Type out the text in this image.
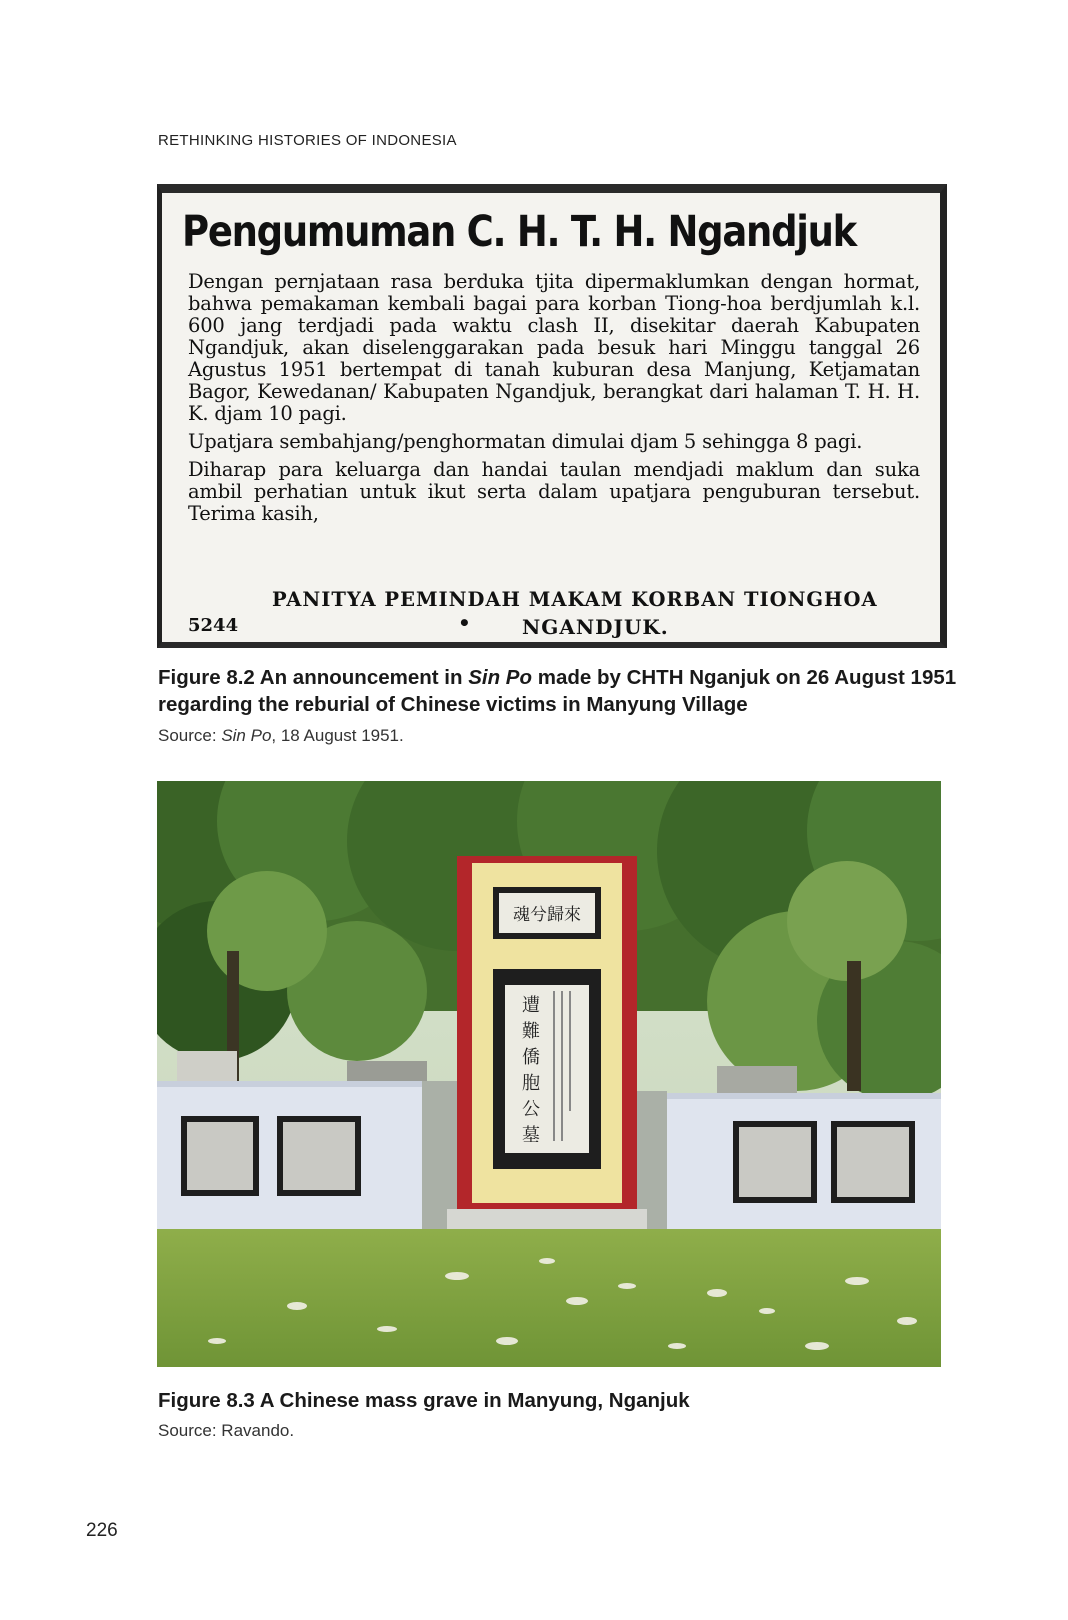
RETHINKING HISTORIES OF INDONESIA
Pengumuman C. H. T. H. Ngandjuk

Dengan pernjataan rasa berduka tjita dipermaklumkan dengan hormat, bahwa pemakaman kembali bagai para korban Tiong-hoa berdjumlah k.l. 600 jang terdjadi pada waktu clash II, disekitar daerah Kabupaten Ngandjuk, akan diselenggarakan pada besuk hari Minggu tanggal 26 Agustus 1951 bertempat di tanah kuburan desa Manjung, Ketjamatan Bagor, Kewedanan/ Kabupaten Ngandjuk, berangkat dari halaman T. H. H. K. djam 10 pagi.

Upatjara sembahjang/penghormatan dimulai djam 5 sehingga 8 pagi.

Diharap para keluarga dan handai taulan mendjadi maklum dan suka ambil perhatian untuk ikut serta dalam upatjara penguburan tersebut. Terima kasih,

PANITYA PEMINDAH MAKAM KORBAN TIONGHOA
5244	•	NGANDJUK.
Figure 8.2 An announcement in Sin Po made by CHTH Nganjuk on 26 August 1951 regarding the reburial of Chinese victims in Manyung Village
Source: Sin Po, 18 August 1951.
魂兮歸來
遭
難
僑
胞
公
墓
Figure 8.3 A Chinese mass grave in Manyung, Nganjuk
Source: Ravando.
226
